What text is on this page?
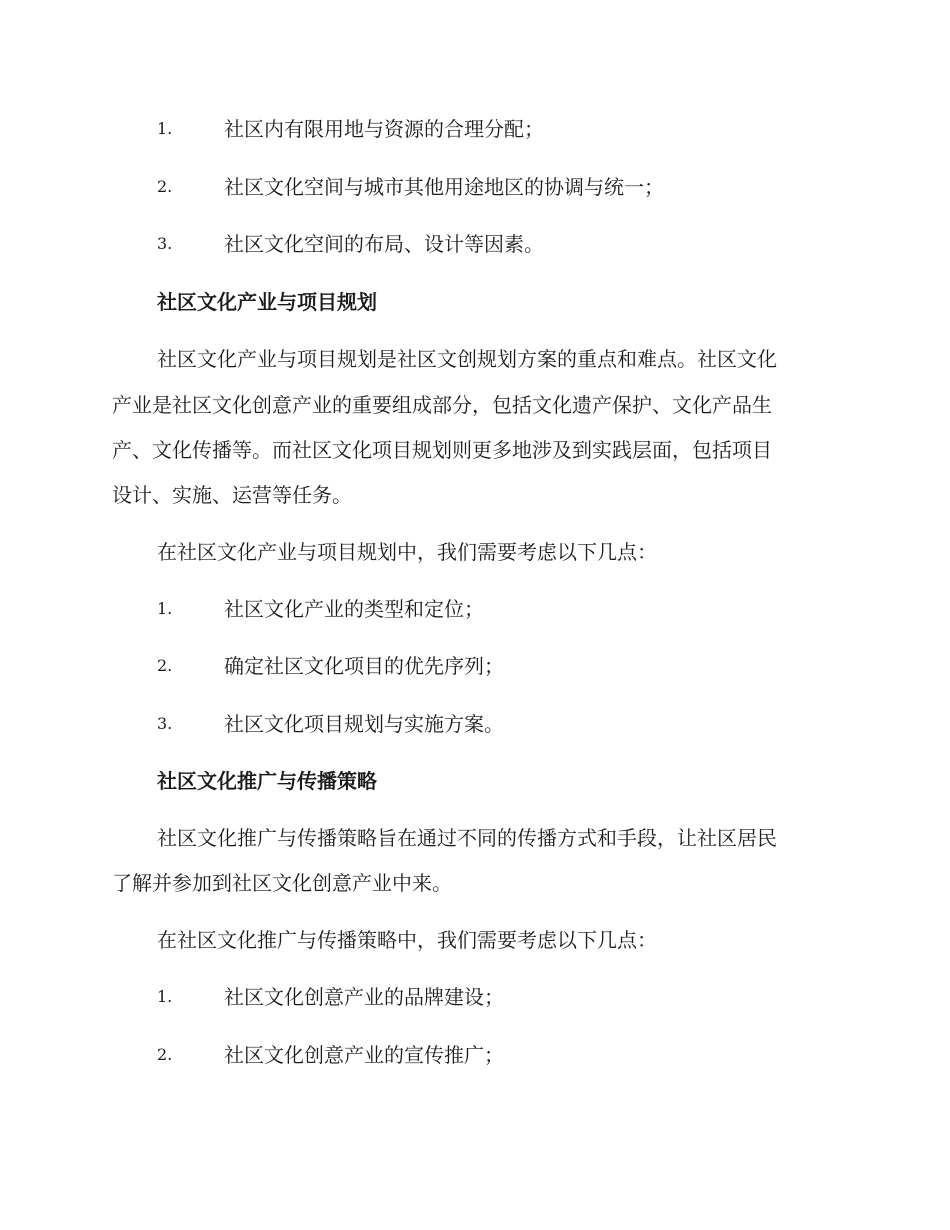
1.	社区内有限用地与资源的合理分配；
2.	社区文化空间与城市其他用途地区的协调与统一；
3.	社区文化空间的布局、设计等因素。
社区文化产业与项目规划
社区文化产业与项目规划是社区文创规划方案的重点和难点。社区文化
产业是社区文化创意产业的重要组成部分，包括文化遗产保护、文化产品生
产、文化传播等。而社区文化项目规划则更多地涉及到实践层面，包括项目
设计、实施、运营等任务。
在社区文化产业与项目规划中，我们需要考虑以下几点：
1.	社区文化产业的类型和定位；
2.	确定社区文化项目的优先序列；
3.	社区文化项目规划与实施方案。
社区文化推广与传播策略
社区文化推广与传播策略旨在通过不同的传播方式和手段，让社区居民
了解并参加到社区文化创意产业中来。
在社区文化推广与传播策略中，我们需要考虑以下几点：
1.	社区文化创意产业的品牌建设；
2.	社区文化创意产业的宣传推广；
